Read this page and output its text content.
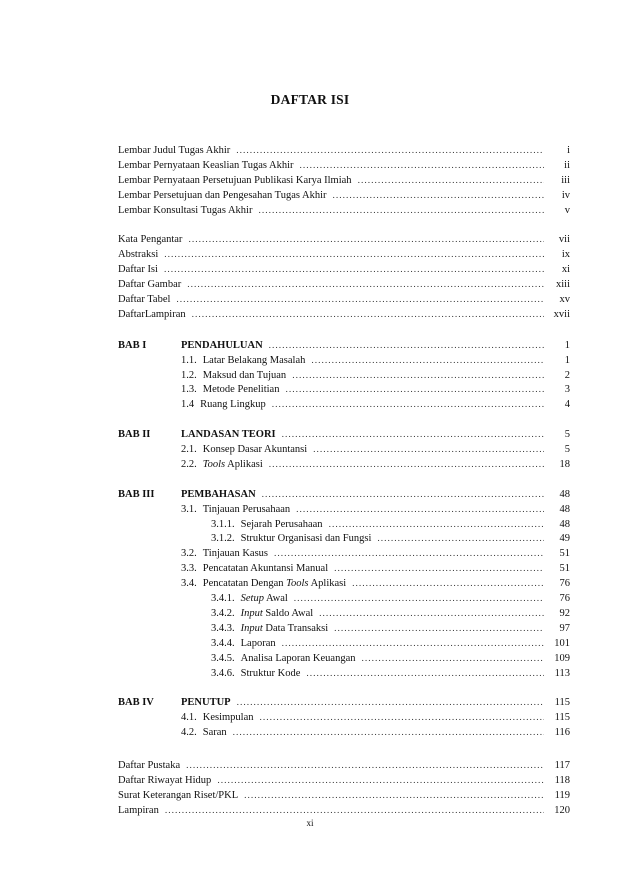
DAFTAR ISI
Lembar Judul Tugas Akhir .....	i
Lembar Pernyataan Keaslian Tugas Akhir .....	ii
Lembar Pernyataan Persetujuan Publikasi Karya Ilmiah .....	iii
Lembar Persetujuan dan Pengesahan Tugas Akhir .....	iv
Lembar Konsultasi Tugas Akhir .....	v
Kata Pengantar .....	vii
Abstraksi .....	ix
Daftar Isi .....	xi
Daftar Gambar .....	xiii
Daftar Tabel .....	xv
DaftarLampiran .....	xvii
BAB I	PENDAHULUAN .....	1
1.1. Latar Belakang Masalah .....	1
1.2. Maksud dan Tujuan .....	2
1.3. Metode Penelitian .....	3
1.4 Ruang Lingkup .....	4
BAB II	LANDASAN TEORI .....	5
2.1. Konsep Dasar Akuntansi .....	5
2.2. Tools Aplikasi .....	18
BAB III	PEMBAHASAN .....	48
3.1. Tinjauan Perusahaan .....	48
3.1.1. Sejarah Perusahaan .....	48
3.1.2. Struktur Organisasi dan Fungsi .....	49
3.2. Tinjauan Kasus .....	51
3.3. Pencatatan Akuntansi Manual .....	51
3.4. Pencatatan Dengan Tools Aplikasi .....	76
3.4.1. Setup Awal .....	76
3.4.2. Input Saldo Awal .....	92
3.4.3. Input Data Transaksi .....	97
3.4.4. Laporan .....	101
3.4.5. Analisa Laporan Keuangan .....	109
3.4.6. Struktur Kode .....	113
BAB IV	PENUTUP .....	115
4.1. Kesimpulan .....	115
4.2. Saran .....	116
Daftar Pustaka .....	117
Daftar Riwayat Hidup .....	118
Surat Keterangan Riset/PKL .....	119
Lampiran .....	120
xi
